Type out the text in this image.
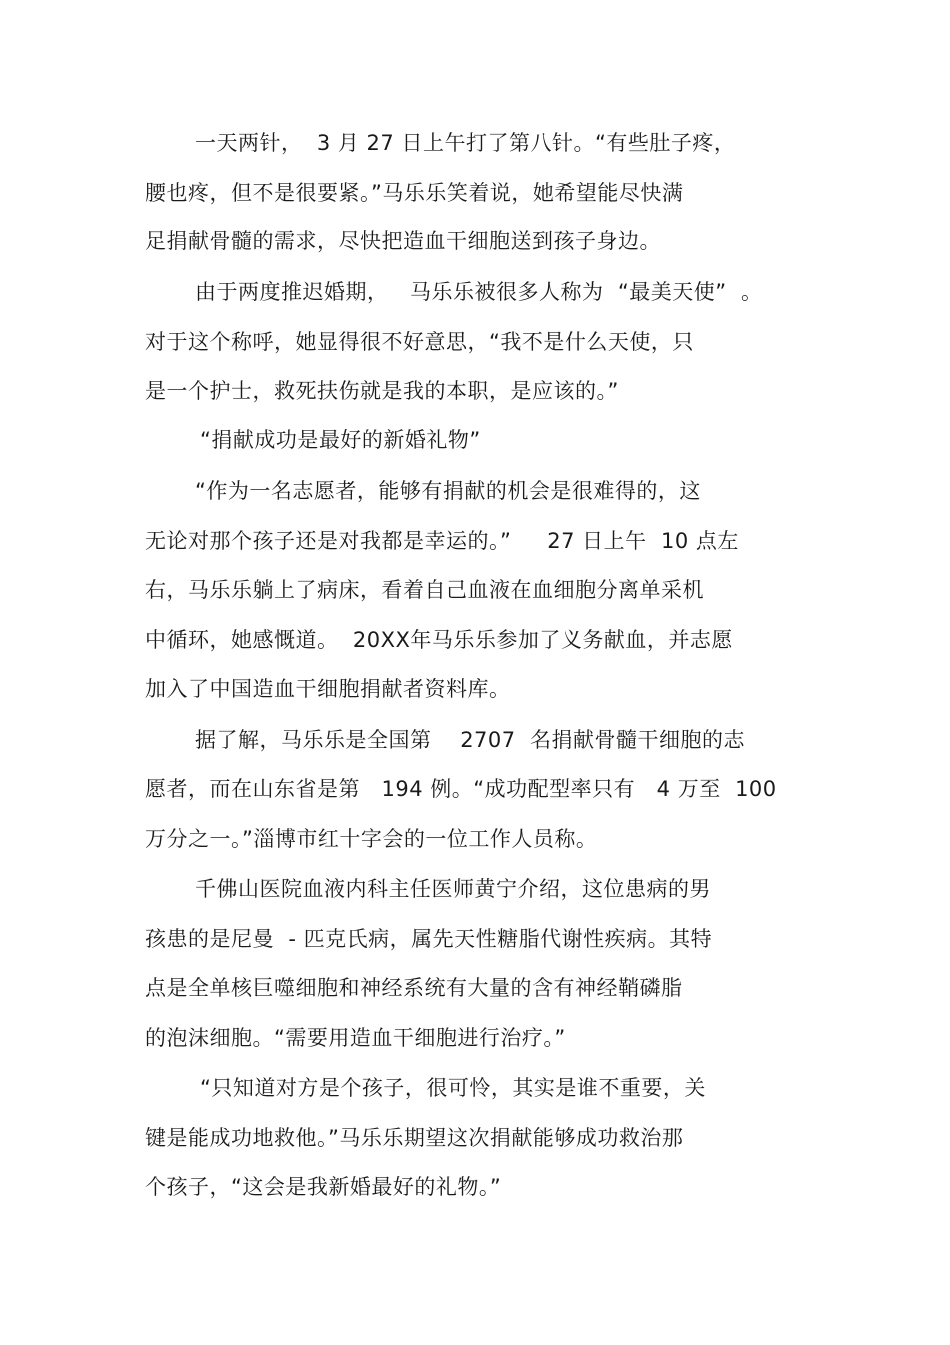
一天两针，  3 月 27 日上午打了第八针。“有些肚子疼，
腰也疼，但不是很要紧。”马乐乐笑着说，她希望能尽快满
足捐献骨髓的需求，尽快把造血干细胞送到孩子身边。
由于两度推迟婚期，   马乐乐被很多人称为  “最美天使”  。
对于这个称呼，她显得很不好意思，“我不是什么天使，只
是一个护士，救死扶伤就是我的本职，是应该的。”
“捐献成功是最好的新婚礼物”
“作为一名志愿者，能够有捐献的机会是很难得的，这
无论对那个孩子还是对我都是幸运的。”     27 日上午  10 点左
右，马乐乐躺上了病床，看着自己血液在血细胞分离单采机
中循环，她感慨道。  20XX年马乐乐参加了义务献血，并志愿
加入了中国造血干细胞捐献者资料库。
据了解，马乐乐是全国第    2707  名捐献骨髓干细胞的志
愿者，而在山东省是第   194 例。“成功配型率只有   4 万至  100
万分之一。”淄博市红十字会的一位工作人员称。
千佛山医院血液内科主任医师黄宁介绍，这位患病的男
孩患的是尼曼  - 匹克氏病，属先天性糖脂代谢性疾病。其特
点是全单核巨噬细胞和神经系统有大量的含有神经鞘磷脂
的泡沫细胞。“需要用造血干细胞进行治疗。”
“只知道对方是个孩子，很可怜，其实是谁不重要，关
键是能成功地救他。”马乐乐期望这次捐献能够成功救治那
个孩子，“这会是我新婚最好的礼物。”
